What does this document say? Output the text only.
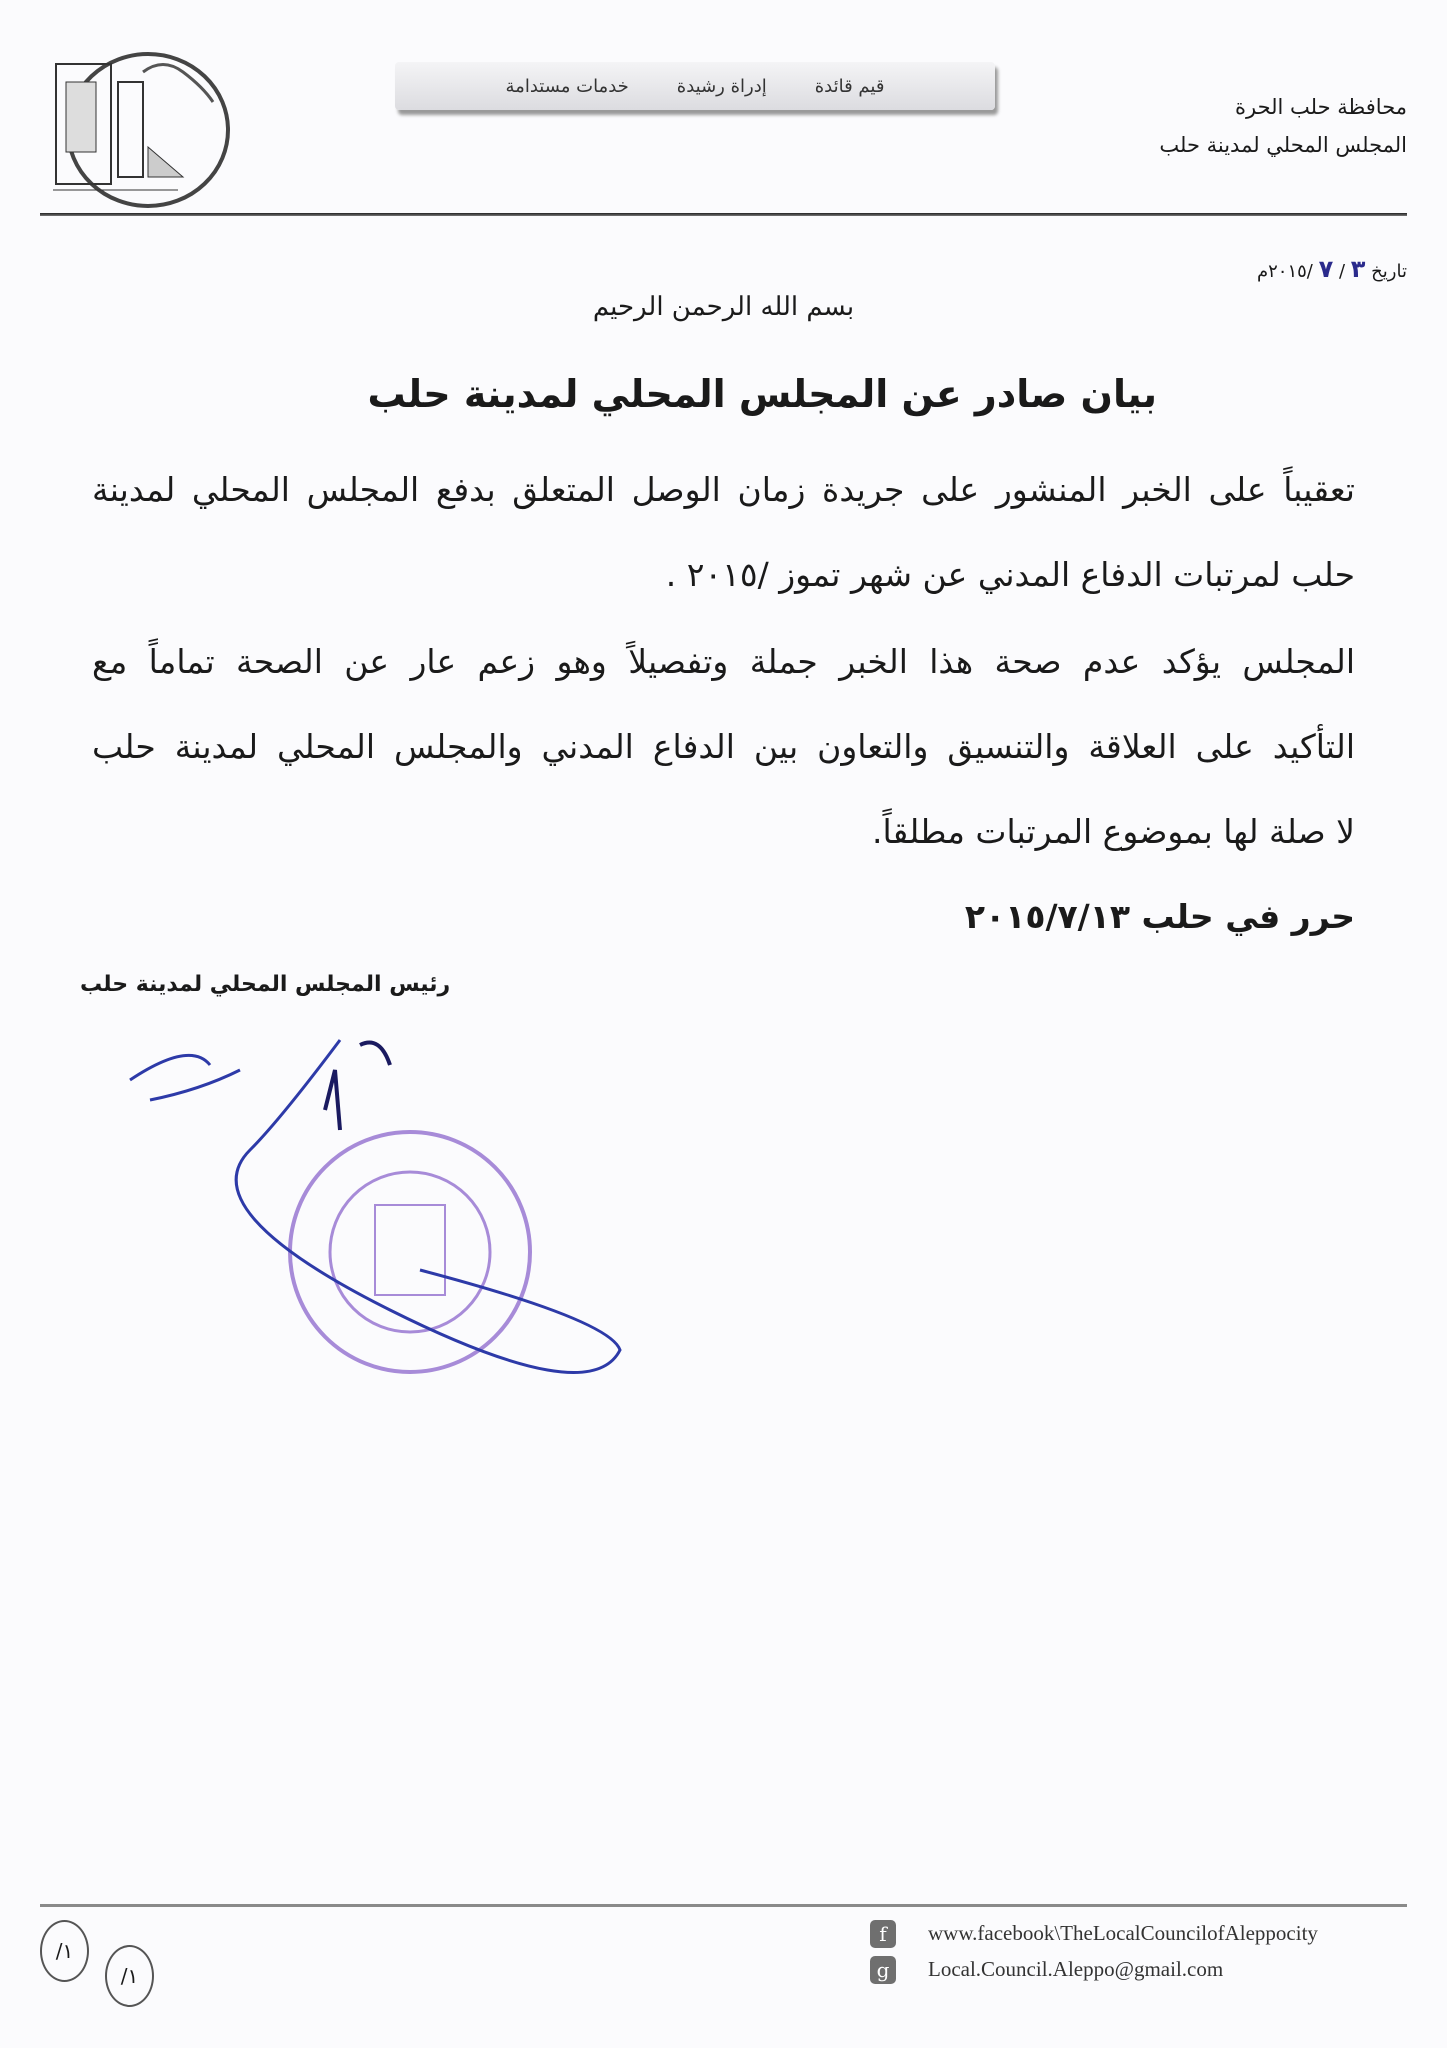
قيم قائدة
إدراة رشيدة
خدمات مستدامة
محافظة حلب الحرة
المجلس المحلي لمدينة حلب
تاريخ ٣ / ٧ /٢٠١٥م
بسم الله الرحمن الرحيم
بيان صادر عن المجلس المحلي لمدينة حلب
تعقيباً على الخبر المنشور على جريدة زمان الوصل المتعلق بدفع المجلس المحلي لمدينة
حلب لمرتبات الدفاع المدني عن شهر تموز /٢٠١٥ .
المجلس يؤكد عدم صحة هذا الخبر جملة وتفصيلاً وهو زعم عار عن الصحة تماماً مع
التأكيد على العلاقة والتنسيق والتعاون بين الدفاع المدني والمجلس المحلي لمدينة حلب
لا صلة لها بموضوع المرتبات مطلقاً.
حرر في حلب ٢٠١٥/٧/١٣
رئيس المجلس المحلي لمدينة حلب
f	www.facebook\TheLocalCouncilofAleppocity
g	Local.Council.Aleppo@gmail.com
١/
١/
